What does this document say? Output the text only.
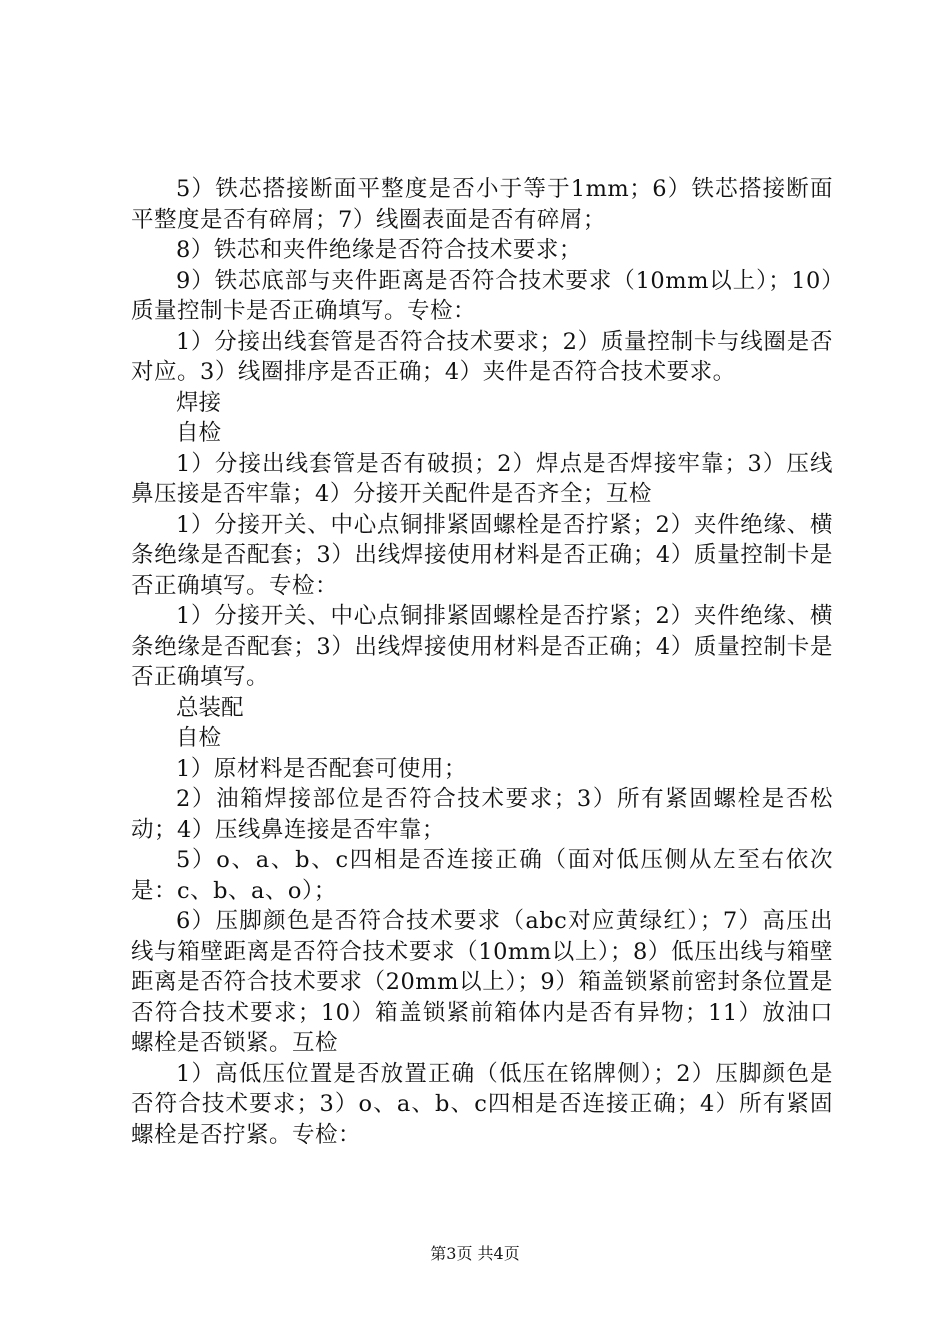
5）铁芯搭接断面平整度是否小于等于1mm；6）铁芯搭接断面平整度是否有碎屑；7）线圈表面是否有碎屑；

8）铁芯和夹件绝缘是否符合技术要求；

9）铁芯底部与夹件距离是否符合技术要求（10mm以上）；10）质量控制卡是否正确填写。专检：

1）分接出线套管是否符合技术要求；2）质量控制卡与线圈是否对应。3）线圈排序是否正确；4）夹件是否符合技术要求。

焊接

自检

1）分接出线套管是否有破损；2）焊点是否焊接牢靠；3）压线鼻压接是否牢靠；4）分接开关配件是否齐全；互检

1）分接开关、中心点铜排紧固螺栓是否拧紧；2）夹件绝缘、横条绝缘是否配套；3）出线焊接使用材料是否正确；4）质量控制卡是否正确填写。专检：

1）分接开关、中心点铜排紧固螺栓是否拧紧；2）夹件绝缘、横条绝缘是否配套；3）出线焊接使用材料是否正确；4）质量控制卡是否正确填写。

总装配

自检

1）原材料是否配套可使用；

2）油箱焊接部位是否符合技术要求；3）所有紧固螺栓是否松动；4）压线鼻连接是否牢靠；

5）o、a、b、c四相是否连接正确（面对低压侧从左至右依次是：c、b、a、o）；

6）压脚颜色是否符合技术要求（abc对应黄绿红）；7）高压出线与箱壁距离是否符合技术要求（10mm以上）；8）低压出线与箱壁距离是否符合技术要求（20mm以上）；9）箱盖锁紧前密封条位置是否符合技术要求；10）箱盖锁紧前箱体内是否有异物；11）放油口螺栓是否锁紧。互检

1）高低压位置是否放置正确（低压在铭牌侧）；2）压脚颜色是否符合技术要求；3）o、a、b、c四相是否连接正确；4）所有紧固螺栓是否拧紧。专检：

第3页 共4页
